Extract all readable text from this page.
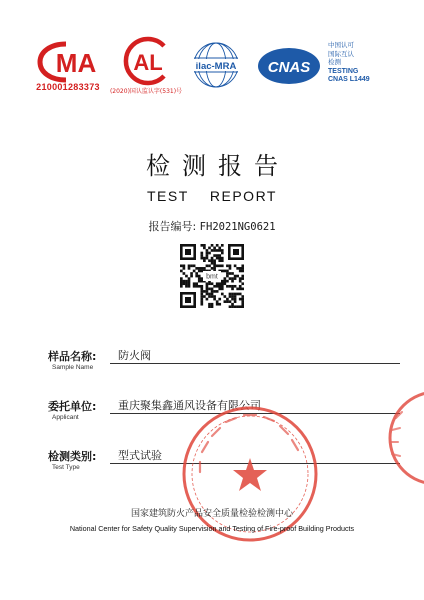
MA
210001283373
AL
(2020)国认监认字(531)号
ilac-MRA CNAS
中国认可
国际互认
检测
TESTING
CNAS L1449
检测报告
TEST REPORT
报告编号: FH2021NG0621
bmt
样品名称:
Sample Name
防火阀
委托单位:
Applicant
重庆聚集鑫通风设备有限公司
检测类别:
Test Type
型式试验
国家建筑防火产品安全质量检验检测中心
National Center for Safety Quality Supervision and Testing of Fire-proof Building Products
